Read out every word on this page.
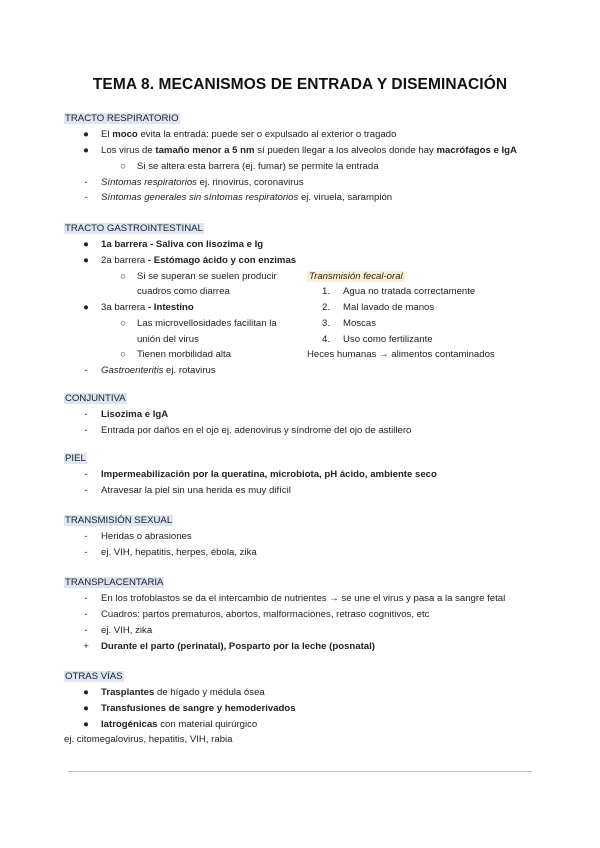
TEMA 8. MECANISMOS DE ENTRADA Y DISEMINACIÓN
TRACTO RESPIRATORIO
●	El moco evita la entrada: puede ser o expulsado al exterior o tragado
●	Los virus de tamaño menor a 5 nm sí pueden llegar a los alveolos donde hay macrófagos e IgA
○	Si se altera esta barrera (ej. fumar) se permite la entrada
-	Síntomas respiratorios ej. rinovirus, coronavirus
-	Síntomas generales sin síntomas respiratorios ej. viruela, sarampión
TRACTO GASTROINTESTINAL
●	1a barrera - Saliva con lisozima e Ig
●	2a barrera - Estómago ácido y con enzimas
○	Si se superan se suelen producir
cuadros como diarrea
●	3a barrera - Intestino
○	Las microvellosidades facilitan la
unión del virus
○	Tienen morbilidad alta
-	Gastroenteritis ej. rotavirus
Transmisión fecal-oral
1. Agua no tratada correctamente
2. Mal lavado de manos
3. Moscas
4. Uso como fertilizante
Heces humanas → alimentos contaminados
CONJUNTIVA
-	Lisozima e IgA
-	Entrada por daños en el ojo ej. adenovirus y síndrome del ojo de astillero
PIEL
-	Impermeabilización por la queratina, microbiota, pH ácido, ambiente seco
-	Atravesar la piel sin una herida es muy difícil
TRANSMISIÓN SEXUAL
-	Heridas o abrasiones
-	ej. VIH, hepatitis, herpes, ébola, zika
TRANSPLACENTARIA
-	En los trofoblastos se da el intercambio de nutrientes → se une el virus y pasa a la sangre fetal
-	Cuadros: partos prematuros, abortos, malformaciones, retraso cognitivos, etc
-	ej. VIH, zika
+	Durante el parto (perinatal), Posparto por la leche (posnatal)
OTRAS VÍAS
●	Trasplantes de hígado y médula ósea
●	Transfusiones de sangre y hemoderivados
●	Iatrogénicas con material quirúrgico
ej. citomegalovirus, hepatitis, VIH, rabia
